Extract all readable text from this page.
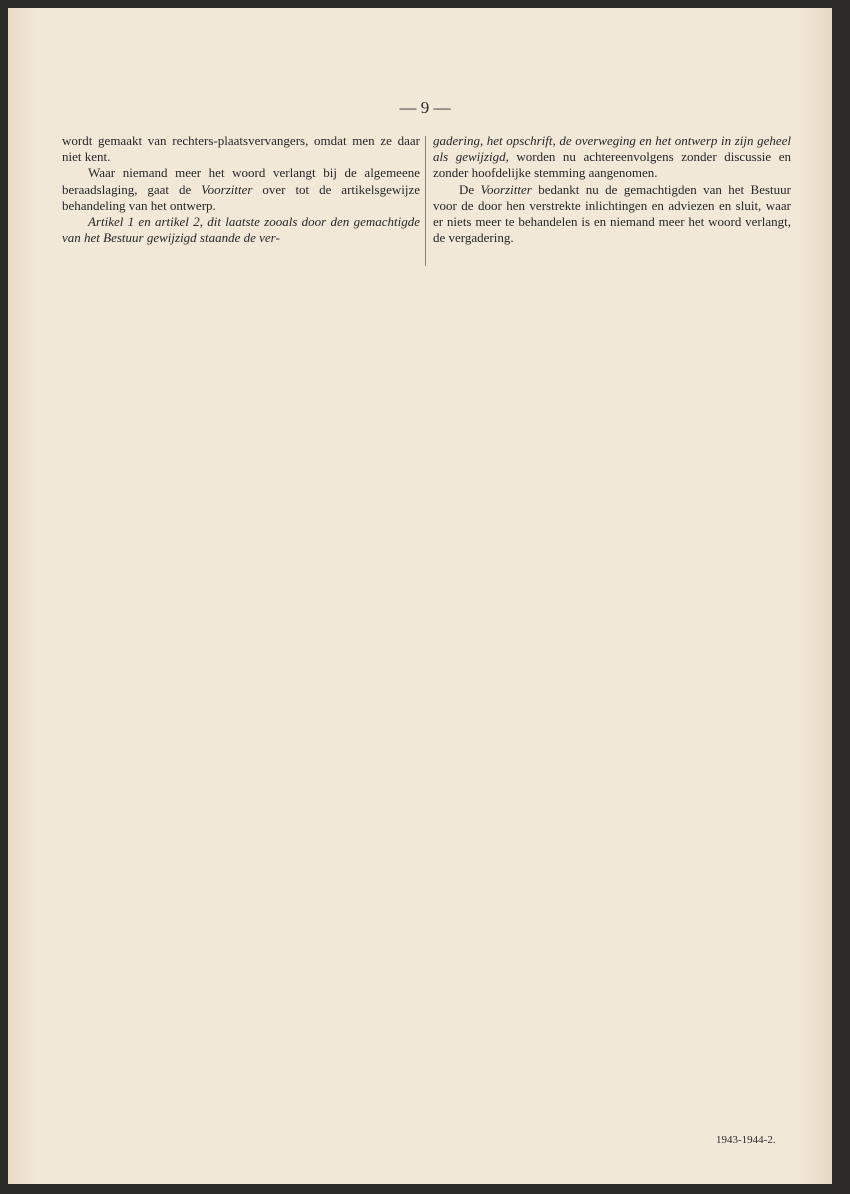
— 9 —

wordt gemaakt van rechters-plaatsvervangers, omdat men ze daar niet kent.

Waar niemand meer het woord verlangt bij de algemeene beraadslaging, gaat de Voorzitter over tot de artikelsgewijze behandeling van het ontwerp.

Artikel 1 en artikel 2, dit laatste zooals door den gemachtigde van het Bestuur gewijzigd staande de ver-

gadering, het opschrift, de overweging en het ontwerp in zijn geheel als gewijzigd, worden nu achtereenvolgens zonder discussie en zonder hoofdelijke stemming aangenomen.

De Voorzitter bedankt nu de gemachtigden van het Bestuur voor de door hen verstrekte inlichtingen en adviezen en sluit, waar er niets meer te behandelen is en niemand meer het woord verlangt, de vergadering.

1943-1944-2.
